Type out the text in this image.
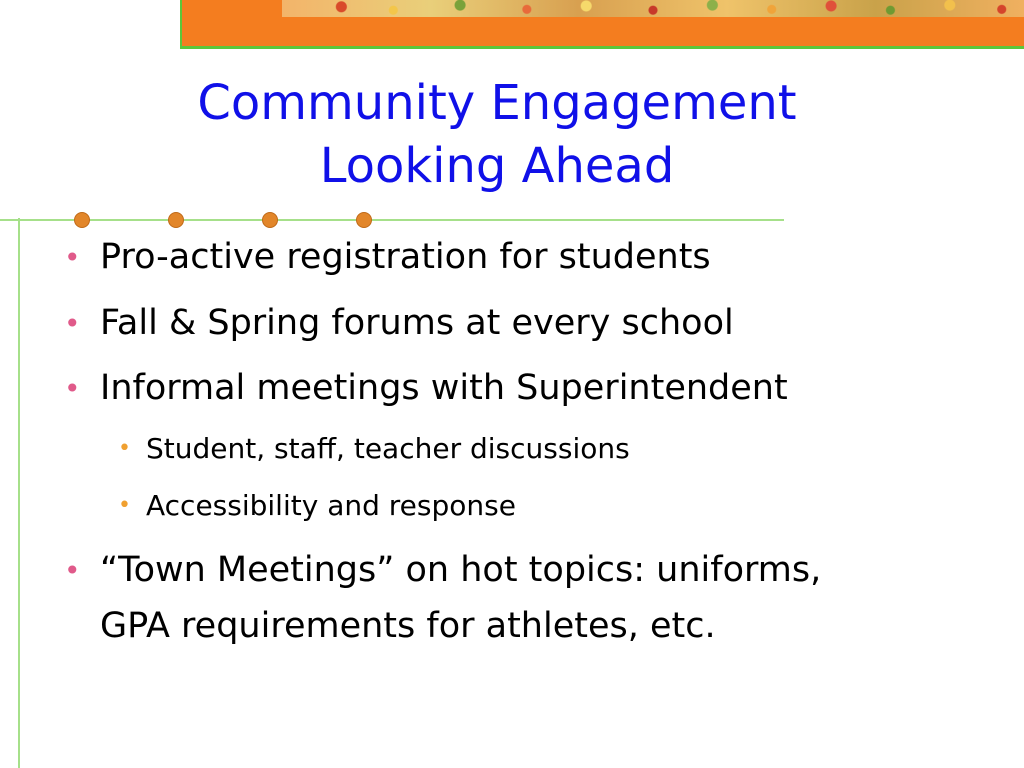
Community Engagement
Looking Ahead
• Pro-active registration for students
• Fall & Spring forums at every school
• Informal meetings with Superintendent
• Student, staff, teacher discussions
• Accessibility and response
• “Town Meetings” on hot topics: uniforms,
GPA requirements for athletes, etc.
